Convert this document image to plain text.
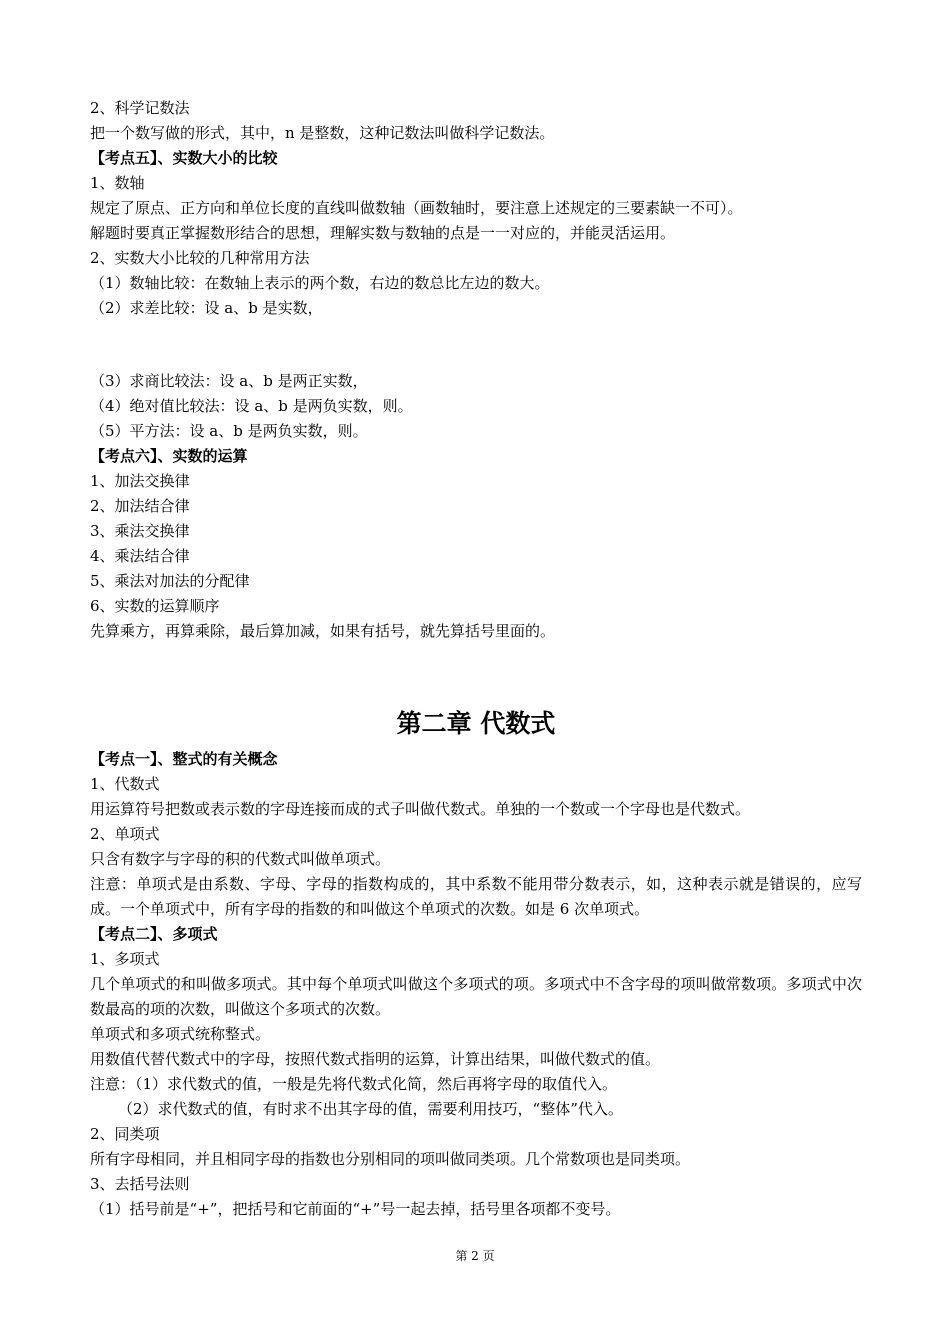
2、科学记数法

把一个数写做的形式，其中，n 是整数，这种记数法叫做科学记数法。

【考点五】、实数大小的比较

1、数轴

规定了原点、正方向和单位长度的直线叫做数轴（画数轴时，要注意上述规定的三要素缺一不可）。

解题时要真正掌握数形结合的思想，理解实数与数轴的点是一一对应的，并能灵活运用。

2、实数大小比较的几种常用方法

（1）数轴比较：在数轴上表示的两个数，右边的数总比左边的数大。

（2）求差比较：设 a、b 是实数，

（3）求商比较法：设 a、b 是两正实数，

（4）绝对值比较法：设 a、b 是两负实数，则。

（5）平方法：设 a、b 是两负实数，则。

【考点六】、实数的运算

1、加法交换律

2、加法结合律

3、乘法交换律

4、乘法结合律

5、乘法对加法的分配律

6、实数的运算顺序

先算乘方，再算乘除，最后算加减，如果有括号，就先算括号里面的。

第二章 代数式

【考点一】、整式的有关概念

1、代数式

用运算符号把数或表示数的字母连接而成的式子叫做代数式。单独的一个数或一个字母也是代数式。

2、单项式

只含有数字与字母的积的代数式叫做单项式。

注意：单项式是由系数、字母、字母的指数构成的，其中系数不能用带分数表示，如，这种表示就是错误的，应写成。一个单项式中，所有字母的指数的和叫做这个单项式的次数。如是 6 次单项式。

【考点二】、多项式

1、多项式

几个单项式的和叫做多项式。其中每个单项式叫做这个多项式的项。多项式中不含字母的项叫做常数项。多项式中次数最高的项的次数，叫做这个多项式的次数。

单项式和多项式统称整式。

用数值代替代数式中的字母，按照代数式指明的运算，计算出结果，叫做代数式的值。

注意：（1）求代数式的值，一般是先将代数式化简，然后再将字母的取值代入。

（2）求代数式的值，有时求不出其字母的值，需要利用技巧，“整体”代入。

2、同类项

所有字母相同，并且相同字母的指数也分别相同的项叫做同类项。几个常数项也是同类项。

3、去括号法则

（1）括号前是“+”，把括号和它前面的“+”号一起去掉，括号里各项都不变号。

第 2 页
